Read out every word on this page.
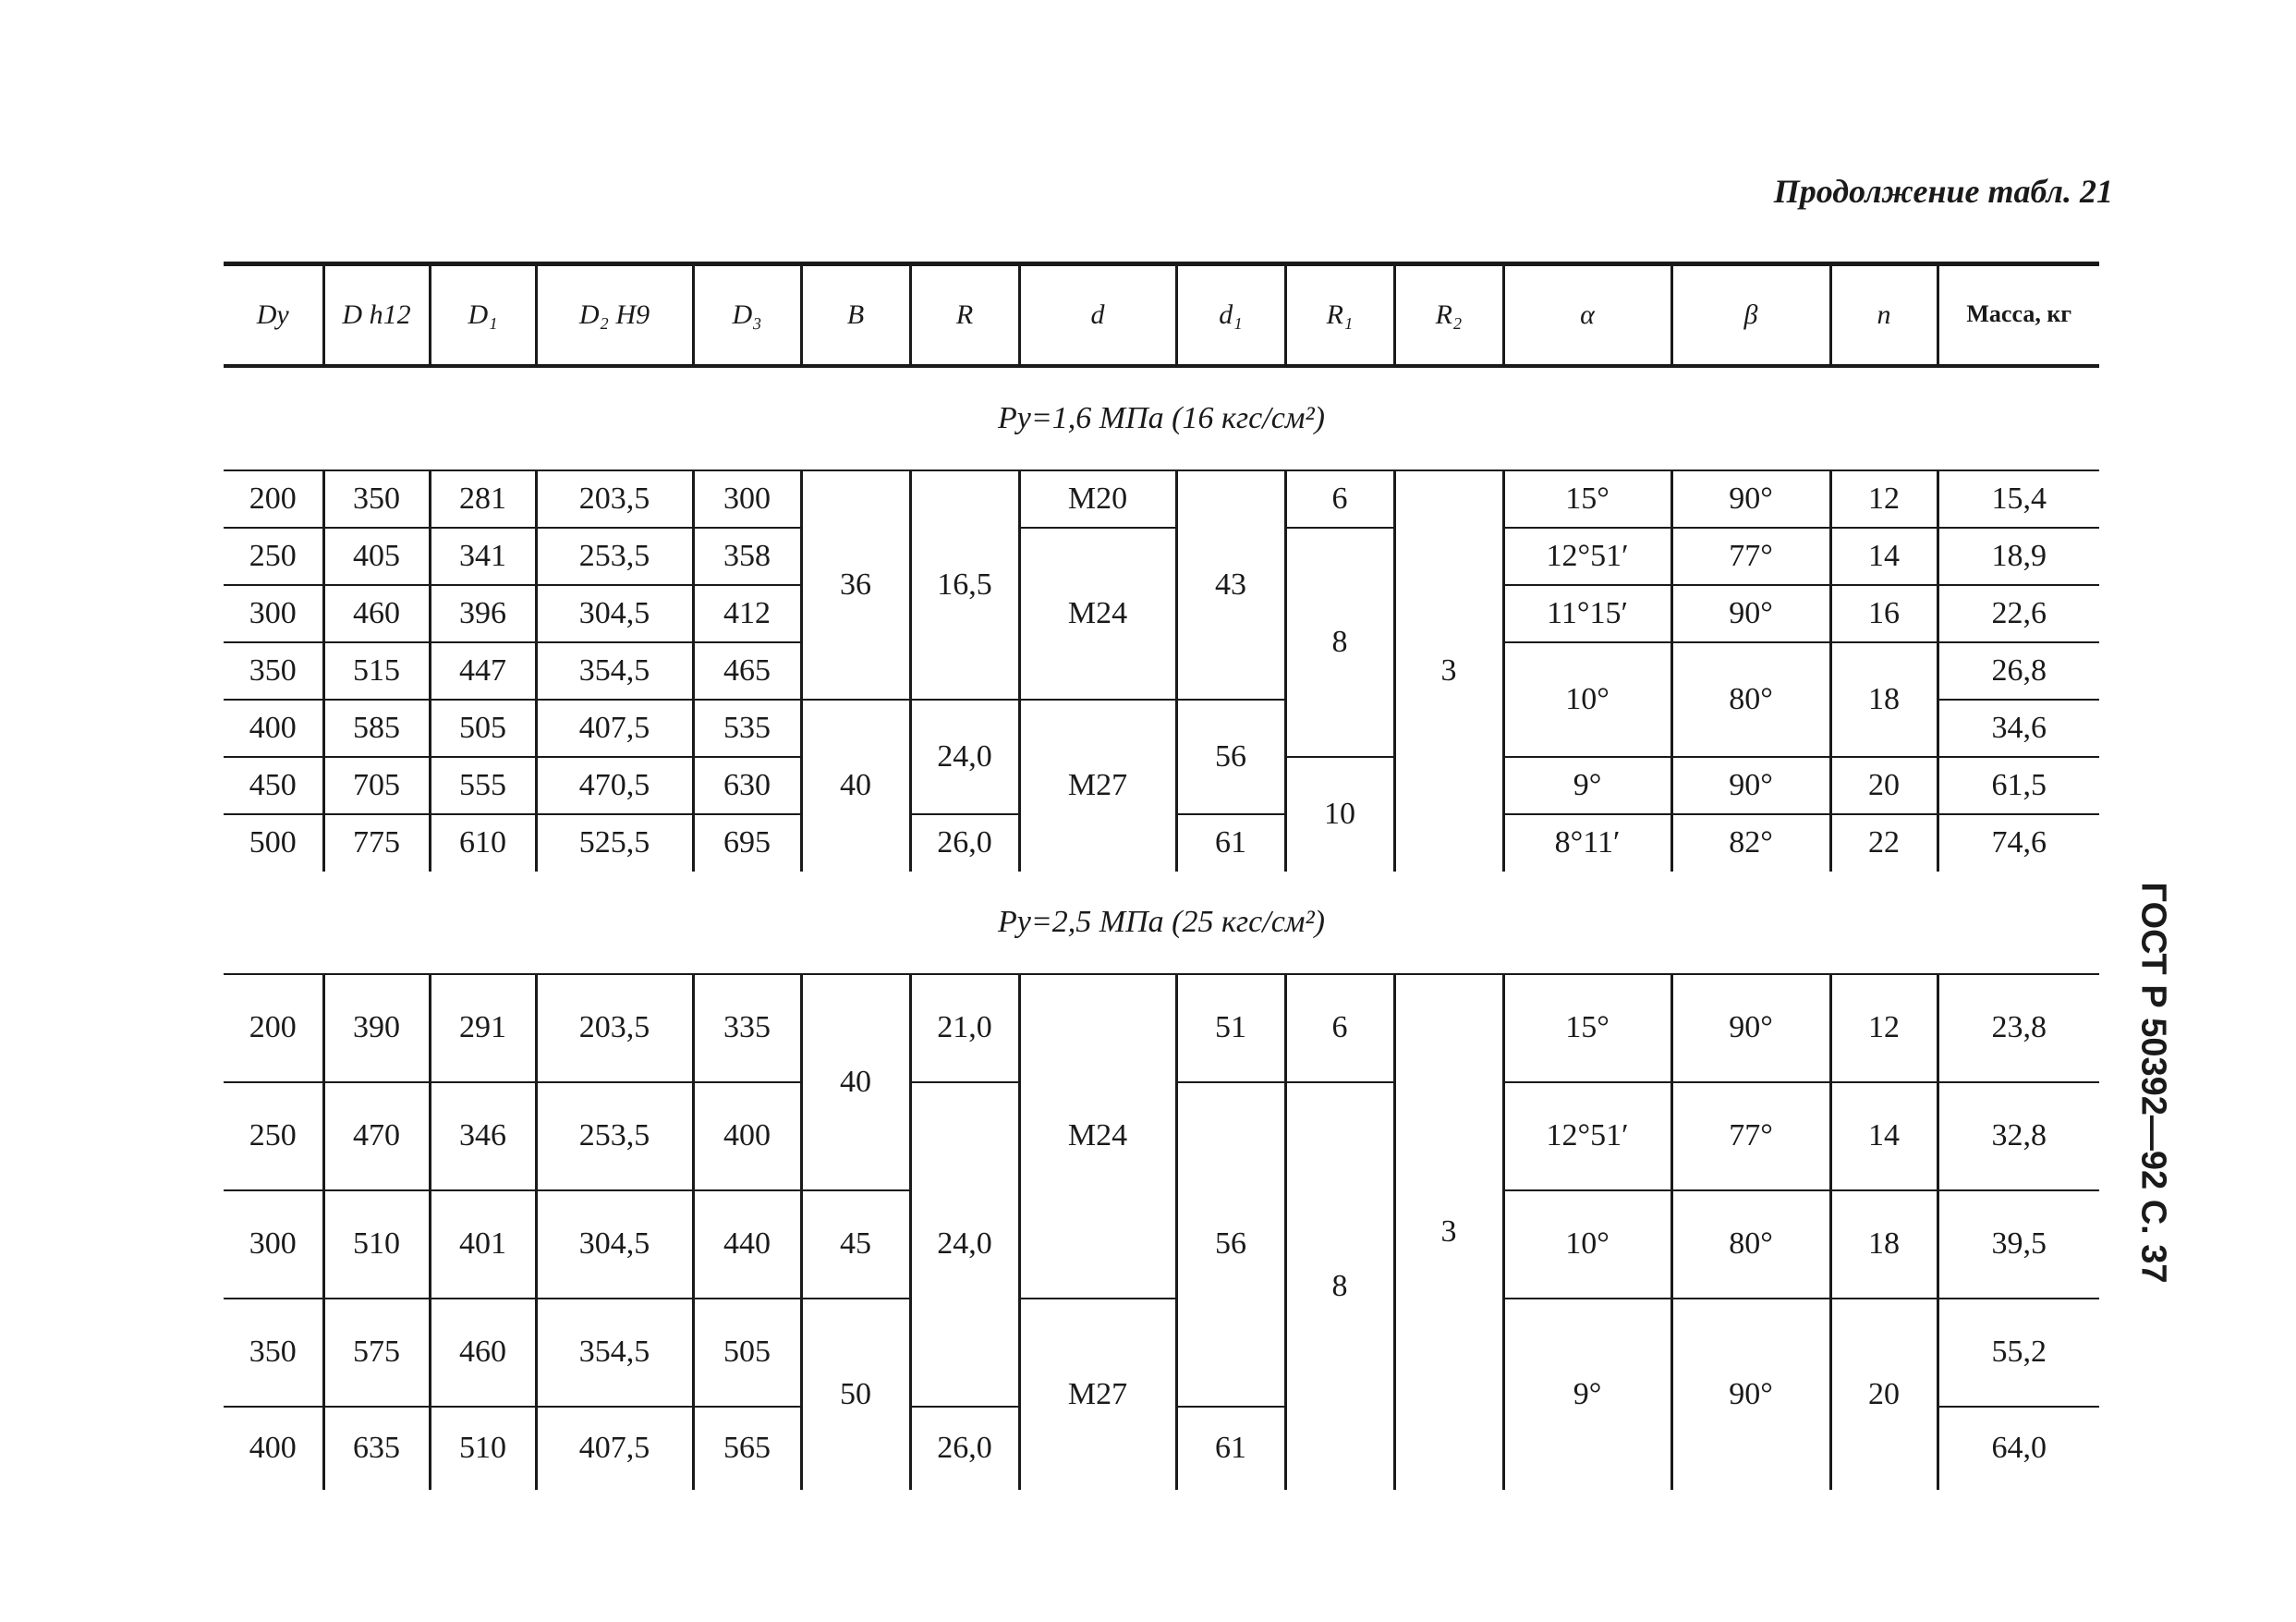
Продолжение табл. 21
ГОСТ Р 50392—92 С. 37
Dу	D h12	D₁	D₂ H9	D₃	B	R	d	d₁	R₁	R₂	α	β	n	Масса, кг
Pу=1,6 МПа (16 кгс/см²)														
200	350	281	203,5	300	36	16,5	М20	43	6	3	15°	90°	12	15,4
250	405	341	253,5	358			М24		8		12°51′	77°	14	18,9
300	460	396	304,5	412							11°15′	90°	16	22,6
350	515	447	354,5	465							10°	80°	18	26,8
400	585	505	407,5	535	40	24,0	М27	56						34,6
450	705	555	470,5	630					10		9°	90°	20	61,5
500	775	610	525,5	695		26,0		61			8°11′	82°	22	74,6
Pу=2,5 МПа (25 кгс/см²)														
200	390	291	203,5	335	40	21,0	М24	51	6	3	15°	90°	12	23,8
250	470	346	253,5	400		24,0		56	8		12°51′	77°	14	32,8
300	510	401	304,5	440	45						10°	80°	18	39,5
350	575	460	354,5	505	50		М27				9°	90°	20	55,2
400	635	510	407,5	565		26,0		61						64,0
